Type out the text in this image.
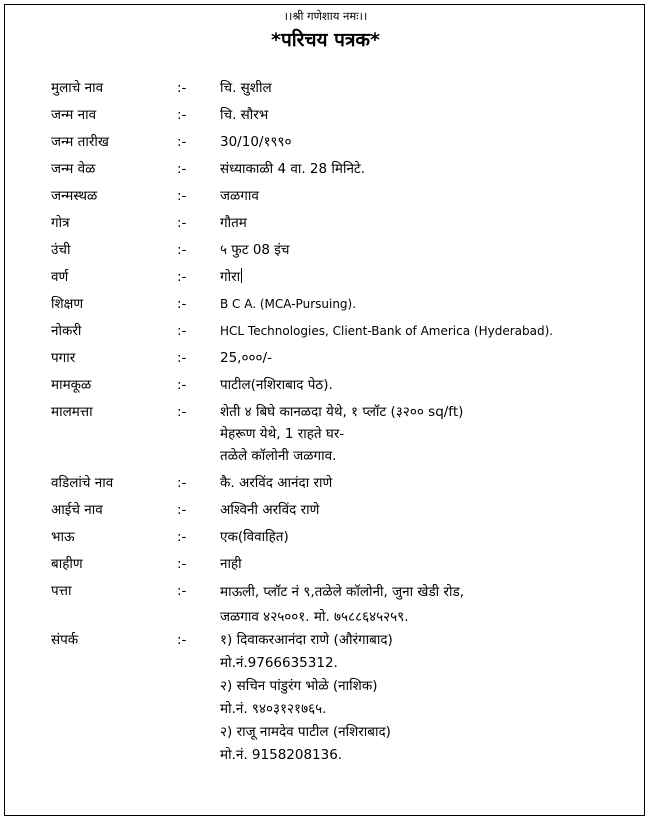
।।श्री गणेशाय नमः।।
*परिचय पत्रक*
मुलाचे नाव	:- चि. सुशील
जन्म नाव	:- चि. सौरभ
जन्म तारीख	:- 30/10/१९९०
जन्म वेळ	:- संध्याकाळी 4 वा. 28 मिनिटे.
जन्मस्थळ	:- जळगाव
गोत्र	:- गौतम
उंची	:- ५ फुट 08 इंच
वर्ण	:- गोरा
शिक्षण	:-	B C A. (MCA-Pursuing).
नोकरी	:-	HCL Technologies, Client-Bank of America (Hyderabad).
पगार	:- 25,०००/-
मामकूळ	:- पाटील(नशिराबाद पेठ).
मालमत्ता	:- शेती ४ बिघे कानळदा येथे, १ प्लॉट (३२०० sq/ft)
मेहरूण येथे, 1 राहते घर-
तळेले कॉलोनी जळगाव.
वडिलांचे नाव	:- कै. अरविंद आनंदा राणे
आईचे नाव	:- अश्विनी अरविंद राणे
भाऊ	:- एक(विवाहित)
बाहीण	:- नाही
पत्ता	:- माऊली, प्लॉट नं ९,तळेले कॉलोनी, जुना खेडी रोड,
जळगाव ४२५००१. मो. ७५८८६४५२५९.
संपर्क	:- १) दिवाकरआनंदा राणे (औरंगाबाद)
मो.नं.9766635312.
२) सचिन पांडुरंग भोळे (नाशिक)
मो.नं. ९४०३१२१७६५.
२) राजू नामदेव पाटील (नशिराबाद)
मो.नं. 9158208136.
